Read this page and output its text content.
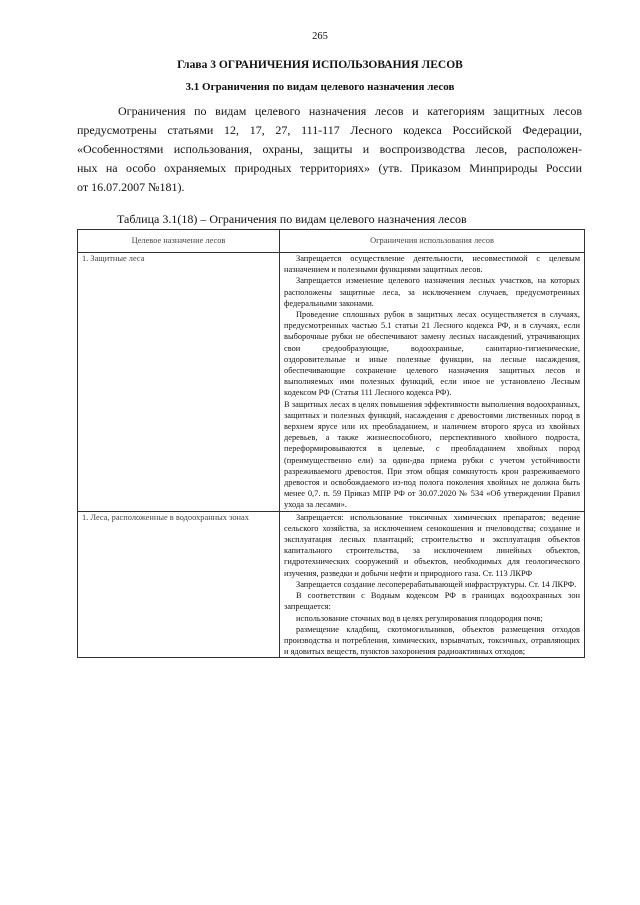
265
Глава 3 ОГРАНИЧЕНИЯ ИСПОЛЬЗОВАНИЯ ЛЕСОВ
3.1 Ограничения по видам целевого назначения лесов
Ограничения по видам целевого назначения лесов и категориям защитных лесов
предусмотрены статьями 12, 17, 27, 111-117 Лесного кодекса Российской Федерации,
«Особенностями использования, охраны, защиты и воспроизводства лесов, расположен-
ных на особо охраняемых природных территориях» (утв. Приказом Минприроды России
от 16.07.2007 №181).
Таблица 3.1(18) – Ограничения по видам целевого назначения лесов
Целевое назначение лесов	Ограничения использования лесов
1. Защитные леса	Запрещается осуществление деятельности, несовместимой с целевым назначением и полезными функциями защитных лесов.

Запрещается изменение целевого назначения лесных участков, на которых расположены защитные леса, за исключением случаев, предусмотренных федеральными законами.

Проведение сплошных рубок в защитных лесах осуществляется в случаях, предусмотренных частью 5.1 статьи 21 Лесного кодекса РФ, и в случаях, если выборочные рубки не обеспечивают замену лесных насаждений, утрачивающих свои средообразующие, водоохранные, санитарно-гигиенические, оздоровительные и иные полезные функции, на лесные насаждения, обеспечивающие сохранение целевого назначения защитных лесов и выполняемых ими полезных функций, если иное не установлено Лесным кодексом РФ (Статья 111 Лесного кодекса РФ).

В защитных лесах в целях повышения эффективности выполнения водоохранных, защитных и полезных функций, насаждения с древостоями лиственных пород в верхнем ярусе или их преобладанием, и наличием второго яруса из хвойных деревьев, а также жизнеспособного, перспективного хвойного подроста, переформировываются в целевые, с преобладанием хвойных пород (преимущественно ели) за один-два приема рубки с учетом устойчивости разреживаемого древостоя. При этом общая сомкнутость крон разреживаемого древостоя и освобождаемого из-под полога поколения хвойных не должна быть менее 0,7. п. 59 Приказ МПР РФ от 30.07.2020 № 534 «Об утверждении Правил ухода за лесами».

1. Леса, расположенные в водоохранных зонах	Запрещается: использование токсичных химических препаратов; ведение сельского хозяйства, за исключением сенокошения и пчеловодства; создание и эксплуатация лесных плантаций; строительство и эксплуатация объектов капитального строительства, за исключением линейных объектов, гидротехнических сооружений и объектов, необходимых для геологического изучения, разведки и добычи нефти и природного газа. Ст. 113 ЛКРФ

Запрещается создание лесоперерабатывающей инфраструктуры. Ст. 14 ЛКРФ.

В соответствии с Водным кодексом РФ в границах водоохранных зон запрещается:

использование сточных вод в целях регулирования плодородия почв;

размещение кладбищ, скотомогильников, объектов размещения отходов производства и потребления, химических, взрывчатых, токсичных, отравляющих и ядовитых веществ, пунктов захоронения радиоактивных отходов;
